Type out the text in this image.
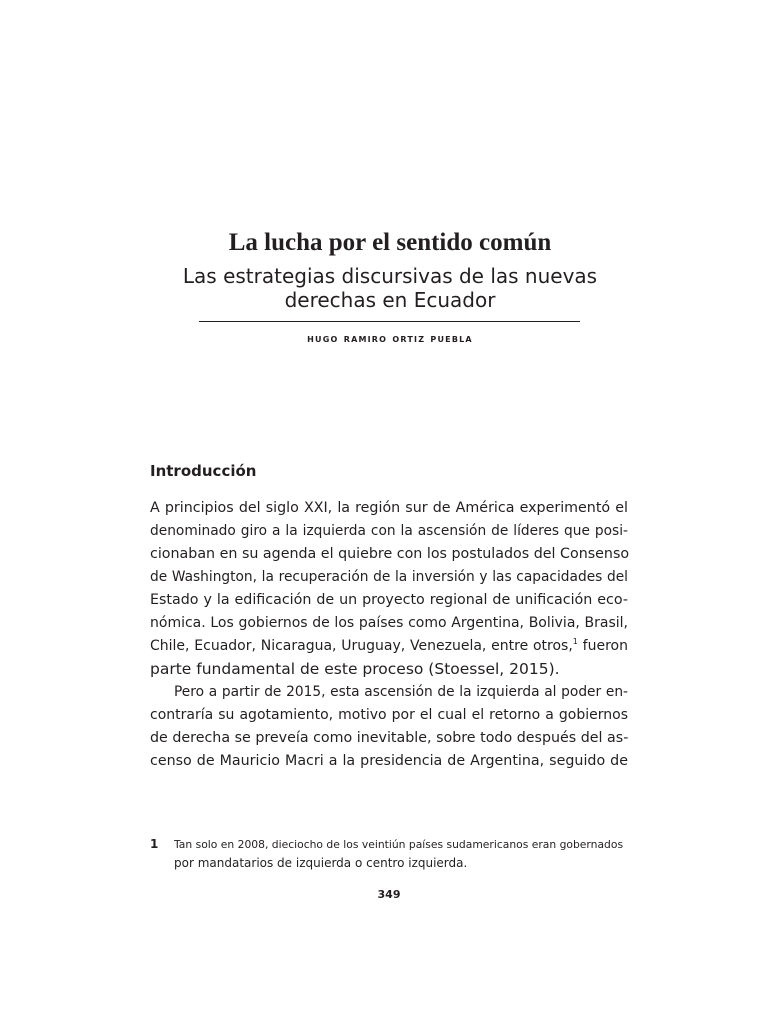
La lucha por el sentido común
Las estrategias discursivas de las nuevas
derechas en Ecuador
hugo ramiro ortiz puebla
Introducción
A principios del siglo XXI, la región sur de América experimentó el
denominado giro a la izquierda con la ascensión de líderes que posi-
cionaban en su agenda el quiebre con los postulados del Consenso
de Washington, la recuperación de la inversión y las capacidades del
Estado y la edificación de un proyecto regional de unificación eco-
nómica. Los gobiernos de los países como Argentina, Bolivia, Brasil,
Chile, Ecuador, Nicaragua, Uruguay, Venezuela, entre otros,$^1$ fueron
parte fundamental de este proceso (Stoessel, 2015).
Pero a partir de 2015, esta ascensión de la izquierda al poder en-
contraría su agotamiento, motivo por el cual el retorno a gobiernos
de derecha se preveía como inevitable, sobre todo después del as-
censo de Mauricio Macri a la presidencia de Argentina, seguido de
1 Tan solo en 2008, dieciocho de los veintiún países sudamericanos eran gobernados
por mandatarios de izquierda o centro izquierda.
349
